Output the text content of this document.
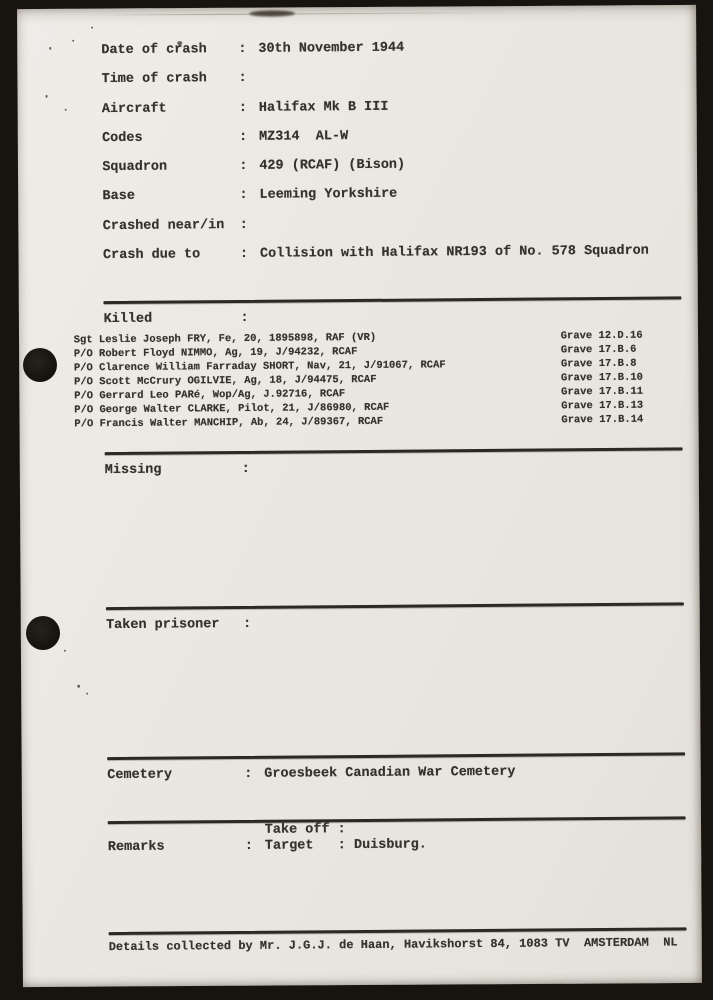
Date of crash : 30th November 1944
Time of crash :
Aircraft	: Halifax Mk B III
Codes	: MZ314  AL-W
Squadron	: 429 (RCAF) (Bison)
Base	: Leeming Yorkshire
Crashed near/in :
Crash due to	: Collision with Halifax NR193 of No. 578 Squadron
Killed	:
Sgt Leslie Joseph FRY, Fe, 20, 1895898, RAF (VR)	Grave 12.D.16
P/O Robert Floyd NIMMO, Ag, 19, J/94232, RCAF	Grave 17.B.6
P/O Clarence William Farraday SHORT, Nav, 21, J/91067, RCAF	Grave 17.B.8
P/O Scott McCrury OGILVIE, Ag, 18, J/94475, RCAF	Grave 17.B.10
P/O Gerrard Leo PARé, Wop/Ag, J.92716, RCAF	Grave 17.B.11
P/O George Walter CLARKE, Pilot, 21, J/86980, RCAF	Grave 17.B.13
P/O Francis Walter MANCHIP, Ab, 24, J/89367, RCAF	Grave 17.B.14
Missing	:
Taken prisoner :
Cemetery	: Groesbeek Canadian War Cemetery
Take off :
Remarks	: Target   : Duisburg.
Details collected by Mr. J.G.J. de Haan, Havikshorst 84, 1083 TV  AMSTERDAM  NL
